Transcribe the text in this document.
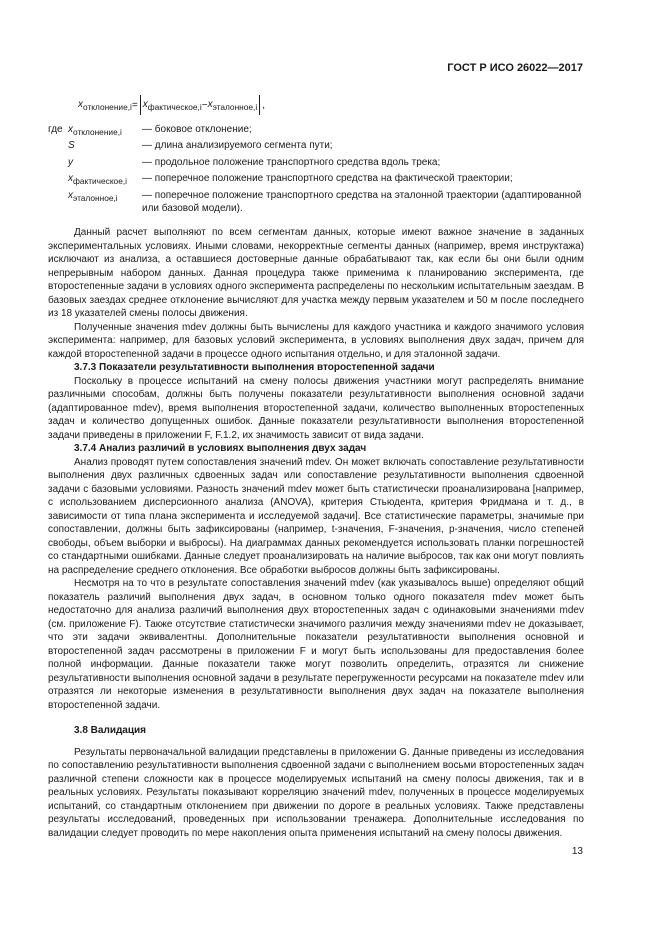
ГОСТ Р ИСО 26022—2017
$x_{отклонение,i} = x_{фактическое,i} - x_{эталонное,i}$ ,
где $x_{отклонение,i}$	— боковое отклонение;
S	— длина анализируемого сегмента пути;
y	— продольное положение транспортного средства вдоль трека;
$x_{фактическое,i}$	— поперечное положение транспортного средства на фактической траектории;
$x_{эталонное,i}$	— поперечное положение транспортного средства на эталонной траектории (адаптированной или базовой модели).

Данный расчет выполняют по всем сегментам данных, которые имеют важное значение в заданных экспериментальных условиях. Иными словами, некорректные сегменты данных (например, время инструктажа) исключают из анализа, а оставшиеся достоверные данные обрабатывают так, как если бы они были одним непрерывным набором данных. Данная процедура также применима к планированию эксперимента, где второстепенные задачи в условиях одного эксперимента распределены по нескольким испытательным заездам. В базовых заездах среднее отклонение вычисляют для участка между первым указателем и 50 м после последнего из 18 указателей смены полосы движения.

Полученные значения mdev должны быть вычислены для каждого участника и каждого значимого условия эксперимента: например, для базовых условий эксперимента, в условиях выполнения двух задач, причем для каждой второстепенной задачи в процессе одного испытания отдельно, и для эталонной задачи.

3.7.3 Показатели результативности выполнения второстепенной задачи

Поскольку в процессе испытаний на смену полосы движения участники могут распределять внимание различными способам, должны быть получены показатели результативности выполнения основной задачи (адаптированное mdev), время выполнения второстепенной задачи, количество выполненных второстепенных задач и количество допущенных ошибок. Данные показатели результативности выполнения второстепенной задачи приведены в приложении F, F.1.2, их значимость зависит от вида задачи.

3.7.4 Анализ различий в условиях выполнения двух задач

Анализ проводят путем сопоставления значений mdev. Он может включать сопоставление результативности выполнения двух различных сдвоенных задач или сопоставление результативности выполнения сдвоенной задачи с базовыми условиями. Разность значений mdev может быть статистически проанализирована [например, с использованием дисперсионного анализа (ANOVA), критерия Стьюдента, критерия Фридмана и т. д., в зависимости от типа плана эксперимента и исследуемой задачи]. Все статистические параметры, значимые при сопоставлении, должны быть зафиксированы (например, t-значения, F-значения, p-значения, число степеней свободы, объем выборки и выбросы). На диаграммах данных рекомендуется использовать планки погрешностей со стандартными ошибками. Данные следует проанализировать на наличие выбросов, так как они могут повлиять на распределение среднего отклонения. Все обработки выбросов должны быть зафиксированы.

Несмотря на то что в результате сопоставления значений mdev (как указывалось выше) определяют общий показатель различий выполнения двух задач, в основном только одного показателя mdev может быть недостаточно для анализа различий выполнения двух второстепенных задач с одинаковыми значениями mdev (см. приложение F). Также отсутствие статистически значимого различия между значениями mdev не доказывает, что эти задачи эквивалентны. Дополнительные показатели результативности выполнения основной и второстепенной задач рассмотрены в приложении F и могут быть использованы для предоставления более полной информации. Данные показатели также могут позволить определить, отразятся ли снижение результативности выполнения основной задачи в результате перегруженности ресурсами на показателе mdev или отразятся ли некоторые изменения в результативности выполнения двух задач на показателе выполнения второстепенной задачи.

3.8 Валидация

Результаты первоначальной валидации представлены в приложении G. Данные приведены из исследования по сопоставлению результативности выполнения сдвоенной задачи с выполнением восьми второстепенных задач различной степени сложности как в процессе моделируемых испытаний на смену полосы движения, так и в реальных условиях. Результаты показывают корреляцию значений mdev, полученных в процессе моделируемых испытаний, со стандартным отклонением при движении по дороге в реальных условиях. Также представлены результаты исследований, проведенных при использовании тренажера. Дополнительные исследования по валидации следует проводить по мере накопления опыта применения испытаний на смену полосы движения.

13
